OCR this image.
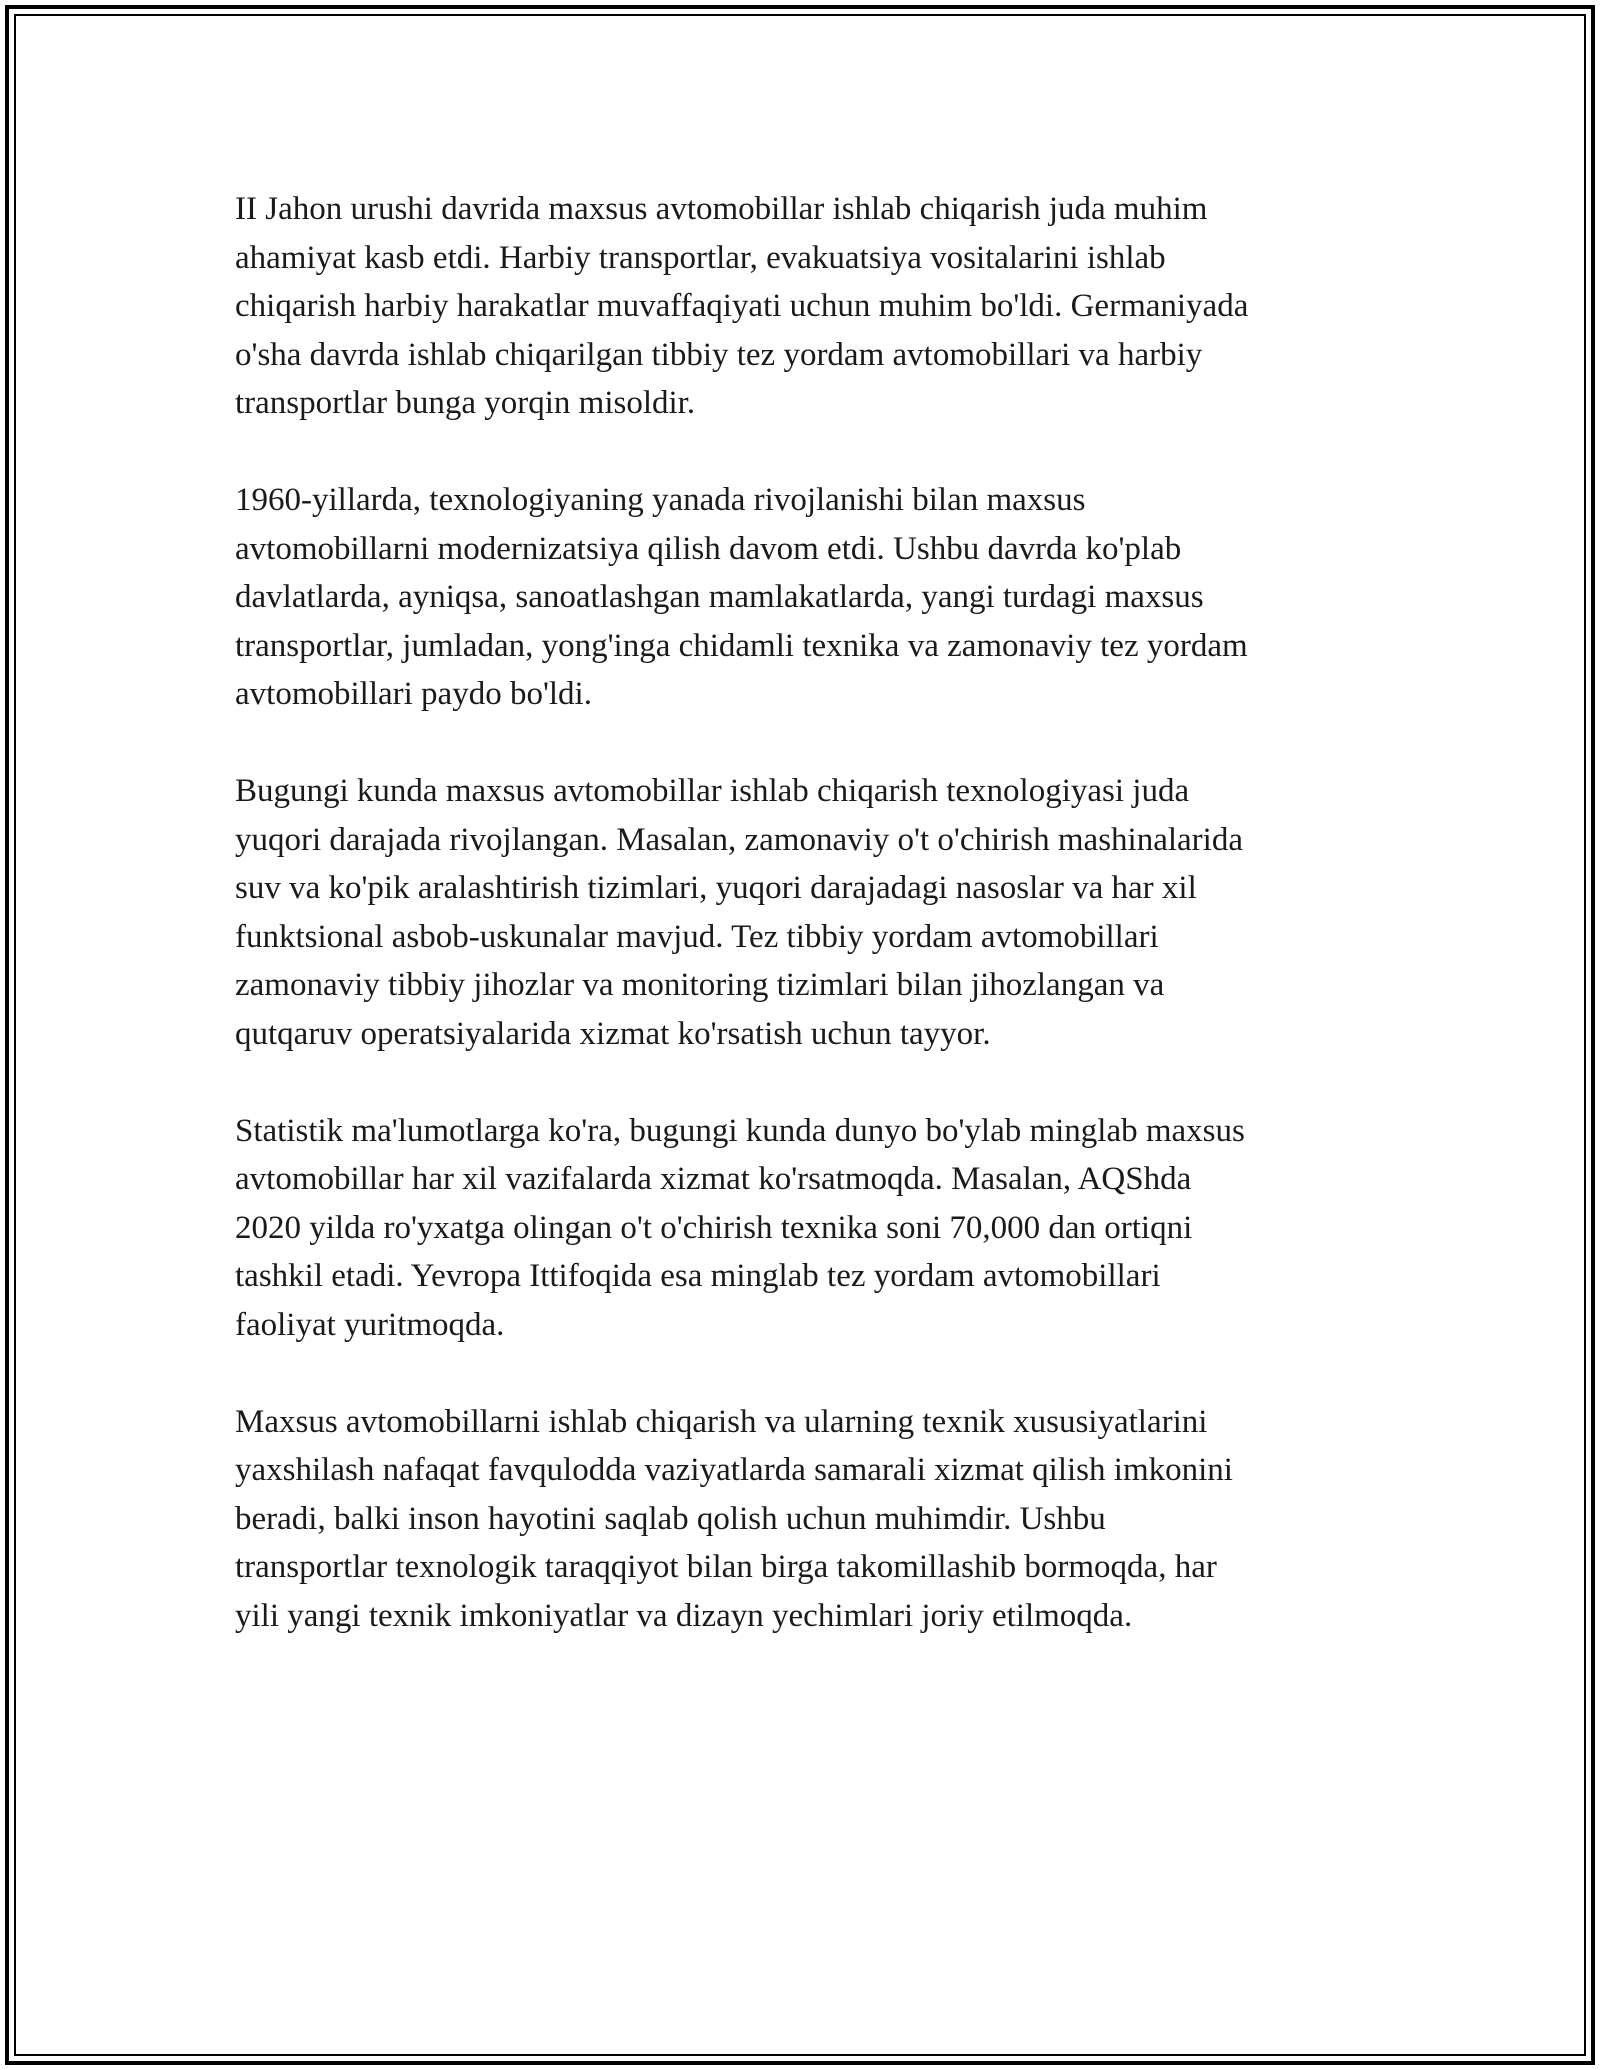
II Jahon urushi davrida maxsus avtomobillar ishlab chiqarish juda muhim
ahamiyat kasb etdi. Harbiy transportlar, evakuatsiya vositalarini ishlab
chiqarish harbiy harakatlar muvaffaqiyati uchun muhim bo'ldi. Germaniyada
o'sha davrda ishlab chiqarilgan tibbiy tez yordam avtomobillari va harbiy
transportlar bunga yorqin misoldir.

1960-yillarda, texnologiyaning yanada rivojlanishi bilan maxsus
avtomobillarni modernizatsiya qilish davom etdi. Ushbu davrda ko'plab
davlatlarda, ayniqsa, sanoatlashgan mamlakatlarda, yangi turdagi maxsus
transportlar, jumladan, yong'inga chidamli texnika va zamonaviy tez yordam
avtomobillari paydo bo'ldi.

Bugungi kunda maxsus avtomobillar ishlab chiqarish texnologiyasi juda
yuqori darajada rivojlangan. Masalan, zamonaviy o't o'chirish mashinalarida
suv va ko'pik aralashtirish tizimlari, yuqori darajadagi nasoslar va har xil
funktsional asbob-uskunalar mavjud. Tez tibbiy yordam avtomobillari
zamonaviy tibbiy jihozlar va monitoring tizimlari bilan jihozlangan va
qutqaruv operatsiyalarida xizmat ko'rsatish uchun tayyor.

Statistik ma'lumotlarga ko'ra, bugungi kunda dunyo bo'ylab minglab maxsus
avtomobillar har xil vazifalarda xizmat ko'rsatmoqda. Masalan, AQShda
2020 yilda ro'yxatga olingan o't o'chirish texnika soni 70,000 dan ortiqni
tashkil etadi. Yevropa Ittifoqida esa minglab tez yordam avtomobillari
faoliyat yuritmoqda.

Maxsus avtomobillarni ishlab chiqarish va ularning texnik xususiyatlarini
yaxshilash nafaqat favqulodda vaziyatlarda samarali xizmat qilish imkonini
beradi, balki inson hayotini saqlab qolish uchun muhimdir. Ushbu
transportlar texnologik taraqqiyot bilan birga takomillashib bormoqda, har
yili yangi texnik imkoniyatlar va dizayn yechimlari joriy etilmoqda.
